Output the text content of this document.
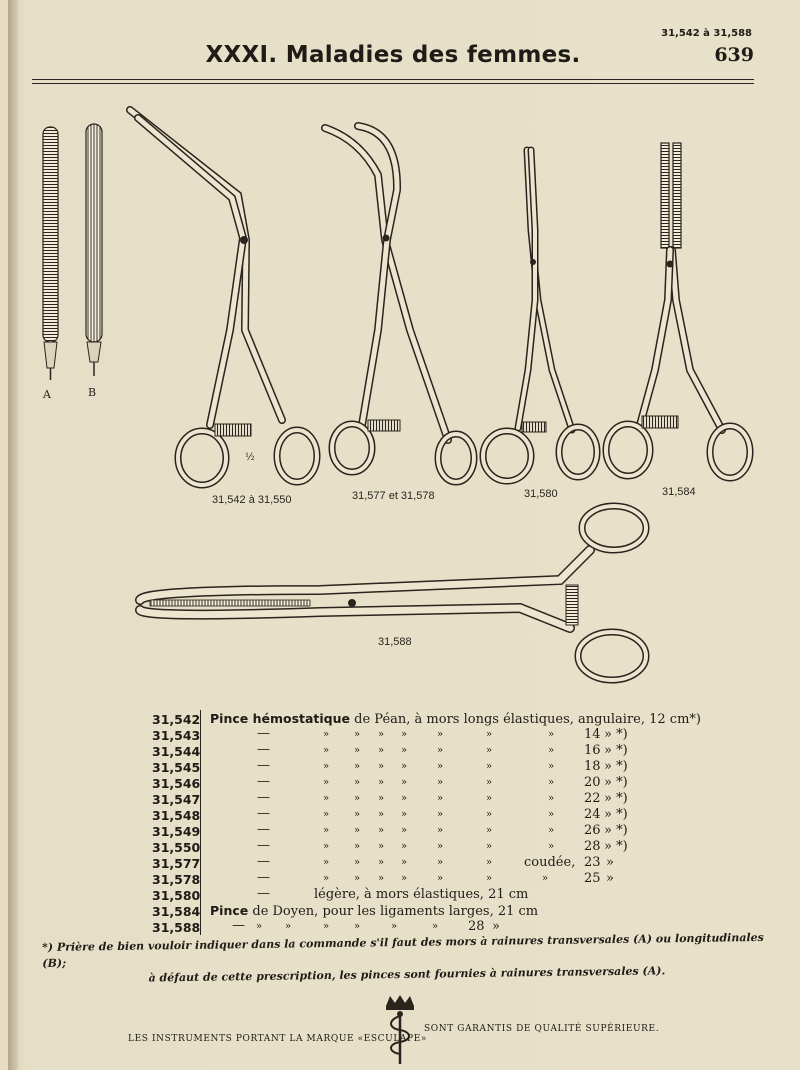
31,542 à 31,588
639
XXXI. Maladies des femmes.
A	B
½
31,542 à 31,550	31,577 et 31,578	31,580	31,584
31,588
31,542 Pince hémostatique de Péan, à mors longs élastiques, angulaire, 12 cm*)
31,543	—	» » » »	»	»	» 14 » *)
31,544	—	» » » »	»	»	» 16 » *)
31,545	—	» » » »	»	»	» 18 » *)
31,546	—	» » » »	»	»	» 20 » *)
31,547	—	» » » »	»	»	» 22 » *)
31,548	—	» » » »	»	»	» 24 » *)
31,549	—	» » » »	»	»	» 26 » *)
31,550	—	» » » »	»	»	» 28 » *)
31,577	—	» » » »	»	» coudée, 23 »
31,578	—	» » » »	»	»	»	25 »
31,580	—	légère, à mors élastiques, 21 cm
31,584 Pince de Doyen, pour les ligaments larges, 21 cm
31,588 — » »	» »	»	» 28 »
*) Prière de bien vouloir indiquer dans la commande s'il faut des mors à rainures transversales (A) ou longitudinales (B);
à défaut de cette prescription, les pinces sont fournies à rainures transversales (A).
LES INSTRUMENTS PORTANT LA MARQUE «ESCULAPE»
SONT GARANTIS DE QUALITÉ SUPÉRIEURE.
